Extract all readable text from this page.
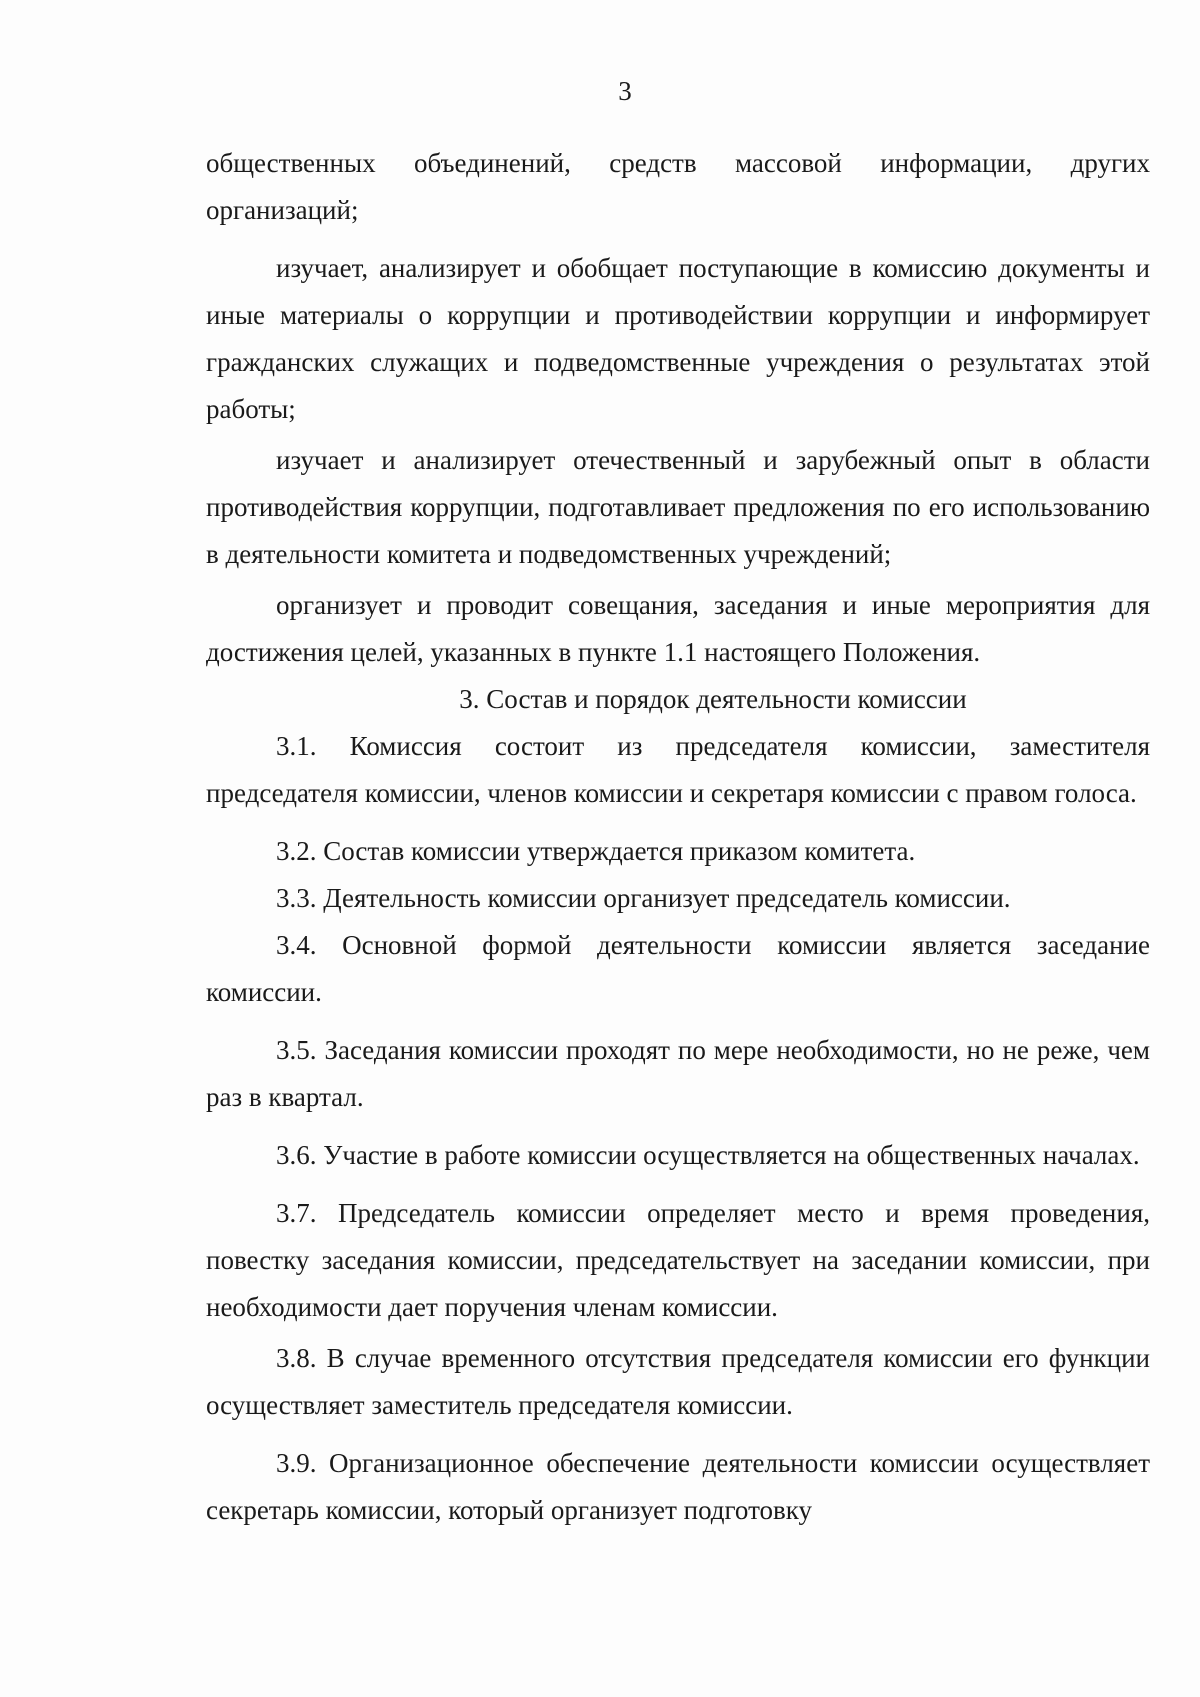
3

общественных объединений, средств массовой информации, других организаций;

изучает, анализирует и обобщает поступающие в комиссию документы и иные материалы о коррупции и противодействии коррупции и информирует гражданских служащих и подведомственные учреждения о результатах этой работы;

изучает и анализирует отечественный и зарубежный опыт в области противодействия коррупции, подготавливает предложения по его использованию в деятельности комитета и подведомственных учреждений;

организует и проводит совещания, заседания и иные мероприятия для достижения целей, указанных в пункте 1.1 настоящего Положения.

3. Состав и порядок деятельности комиссии

3.1. Комиссия состоит из председателя комиссии, заместителя председателя комиссии, членов комиссии и секретаря комиссии с правом голоса.

3.2. Состав комиссии утверждается приказом комитета.

3.3. Деятельность комиссии организует председатель комиссии.

3.4. Основной формой деятельности комиссии является заседание комиссии.

3.5. Заседания комиссии проходят по мере необходимости, но не реже, чем раз в квартал.

3.6. Участие в работе комиссии осуществляется на общественных началах.

3.7. Председатель комиссии определяет место и время проведения, повестку заседания комиссии, председательствует на заседании комиссии, при необходимости дает поручения членам комиссии.

3.8. В случае временного отсутствия председателя комиссии его функции осуществляет заместитель председателя комиссии.

3.9. Организационное обеспечение деятельности комиссии осуществляет секретарь комиссии, который организует подготовку
